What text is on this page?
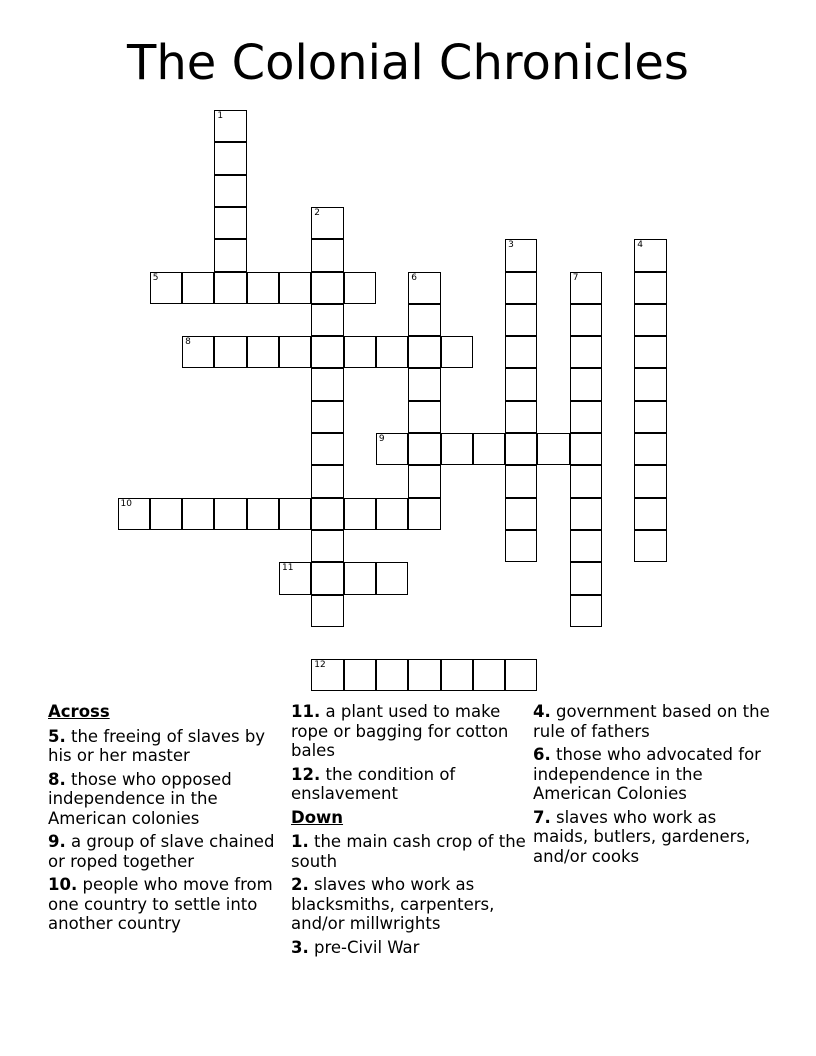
The Colonial Chronicles
1
2
3	4
5	6	7
8
9
10
11
12
Across
5. the freeing of slaves by his or her master
8. those who opposed independence in the American colonies
9. a group of slave chained or roped together
10. people who move from one country to settle into another country
11. a plant used to make rope or bagging for cotton bales
12. the condition of enslavement
Down
1. the main cash crop of the south
2. slaves who work as blacksmiths, carpenters, and/or millwrights
3. pre-Civil War
4. government based on the rule of fathers
6. those who advocated for independence in the American Colonies
7. slaves who work as maids, butlers, gardeners, and/or cooks
